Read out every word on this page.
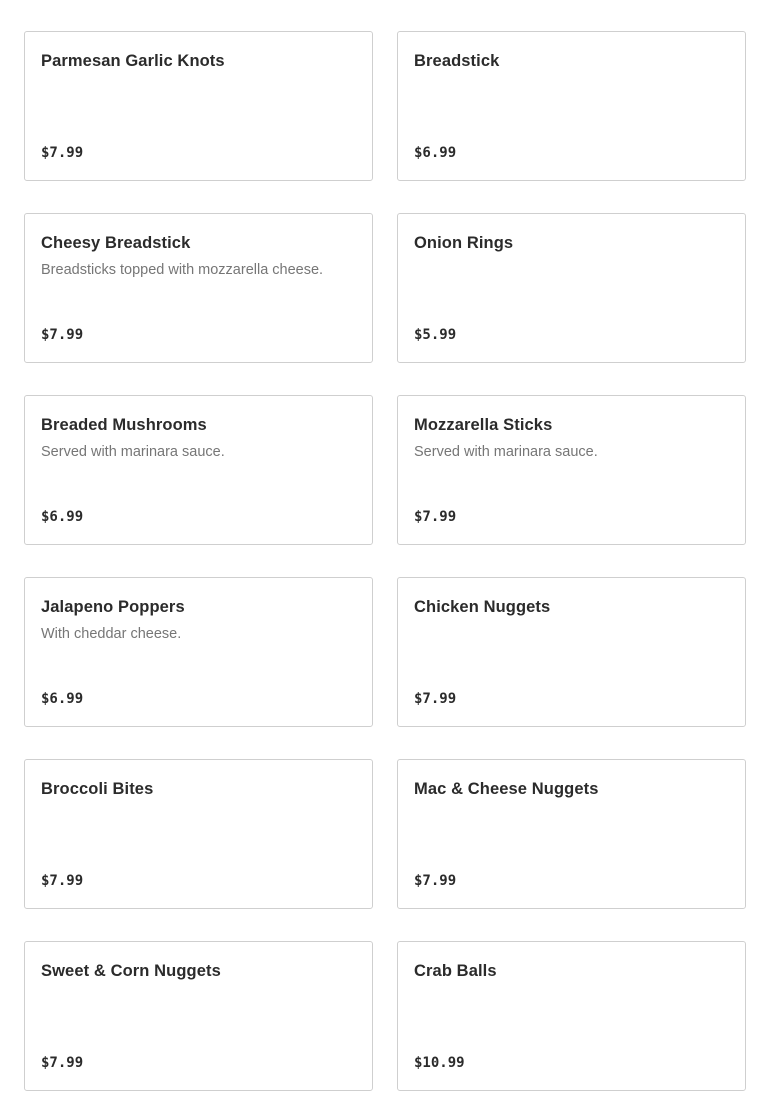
Parmesan Garlic Knots
$7.99
Breadstick
$6.99
Cheesy Breadstick
Breadsticks topped with mozzarella cheese.
$7.99
Onion Rings
$5.99
Breaded Mushrooms
Served with marinara sauce.
$6.99
Mozzarella Sticks
Served with marinara sauce.
$7.99
Jalapeno Poppers
With cheddar cheese.
$6.99
Chicken Nuggets
$7.99
Broccoli Bites
$7.99
Mac & Cheese Nuggets
$7.99
Sweet & Corn Nuggets
$7.99
Crab Balls
$10.99
